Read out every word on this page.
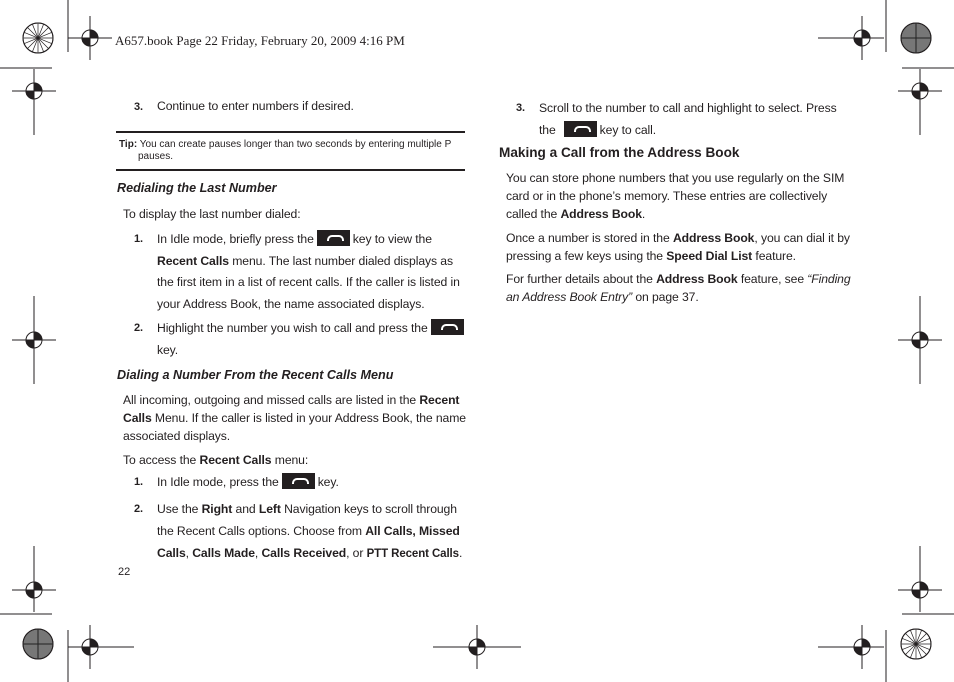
A657.book Page 22 Friday, February 20, 2009 4:16 PM
3. Continue to enter numbers if desired.
Tip: You can create pauses longer than two seconds by entering multiple P
pauses.
Redialing the Last Number
To display the last number dialed:
1. In Idle mode, briefly press the	key to view the
Recent Calls menu. The last number dialed displays as
the first item in a list of recent calls. If the caller is listed in
your Address Book, the name associated displays.
2. Highlight the number you wish to call and press the
key.
Dialing a Number From the Recent Calls Menu
All incoming, outgoing and missed calls are listed in the Recent
Calls Menu. If the caller is listed in your Address Book, the name
associated displays.
To access the Recent Calls menu:
1.	In Idle mode, press the	key.
2. Use the Right and Left Navigation keys to scroll through
the Recent Calls options. Choose from All Calls, Missed
Calls, Calls Made, Calls Received, or PTT Recent Calls.
22
3. Scroll to the number to call and highlight to select. Press
the	key to call.
Making a Call from the Address Book
You can store phone numbers that you use regularly on the SIM
card or in the phone’s memory. These entries are collectively
called the Address Book.
Once a number is stored in the Address Book, you can dial it by
pressing a few keys using the Speed Dial List feature.
For further details about the Address Book feature, see “Finding
an Address Book Entry” on page 37.
